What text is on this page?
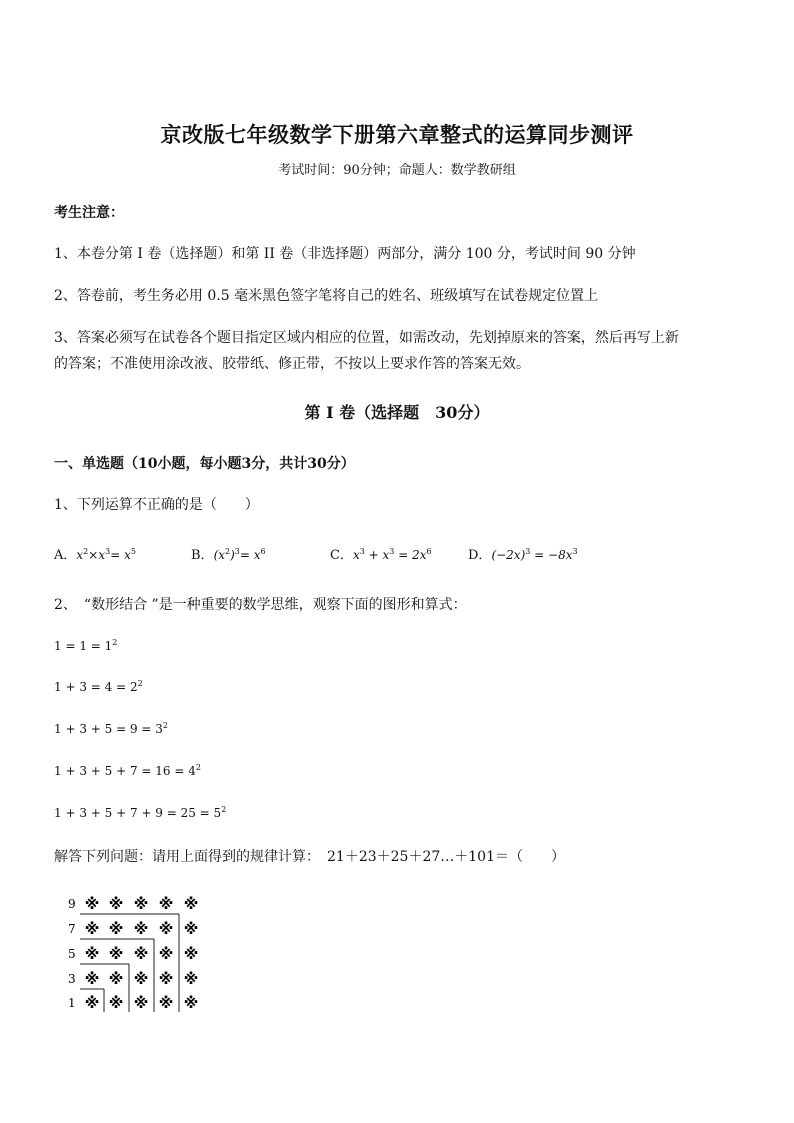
京改版七年级数学下册第六章整式的运算同步测评
考试时间：90分钟；命题人：数学教研组
考生注意：
1、本卷分第 I 卷（选择题）和第 II 卷（非选择题）两部分，满分 100 分，考试时间 90 分钟
2、答卷前，考生务必用 0.5 毫米黑色签字笔将自己的姓名、班级填写在试卷规定位置上
3、答案必须写在试卷各个题目指定区域内相应的位置，如需改动，先划掉原来的答案，然后再写上新
的答案；不准使用涂改液、胶带纸、修正带，不按以上要求作答的答案无效。
第 I 卷（选择题　30分）
一、单选题（10小题，每小题3分，共计30分）
1、下列运算不正确的是（　　）
A．$x^2\times x^3= x^5$	B．$(x^2)^3= x^6$	C．$x^3 + x^3 = 2x^6$	D．$(-2x)^3 = -8x^3$
2、　“数形结合 ”是一种重要的数学思维，观察下面的图形和算式：
$1 = 1 = 1^2$
$1 + 3 = 4 = 2^2$
$1 + 3 + 5 = 9 = 3^2$
$1 + 3 + 5 + 7 = 16 = 4^2$
$1 + 3 + 5 + 7 + 9 = 25 = 5^2$
解答下列问题：请用上面得到的规律计算：　21＋23＋25＋27…＋101＝（　　）
9
7
5
3
1
※ ※ ※ ※ ※
※ ※ ※ ※ ※
※ ※ ※ ※ ※
※ ※ ※ ※ ※
※ ※ ※ ※ ※
